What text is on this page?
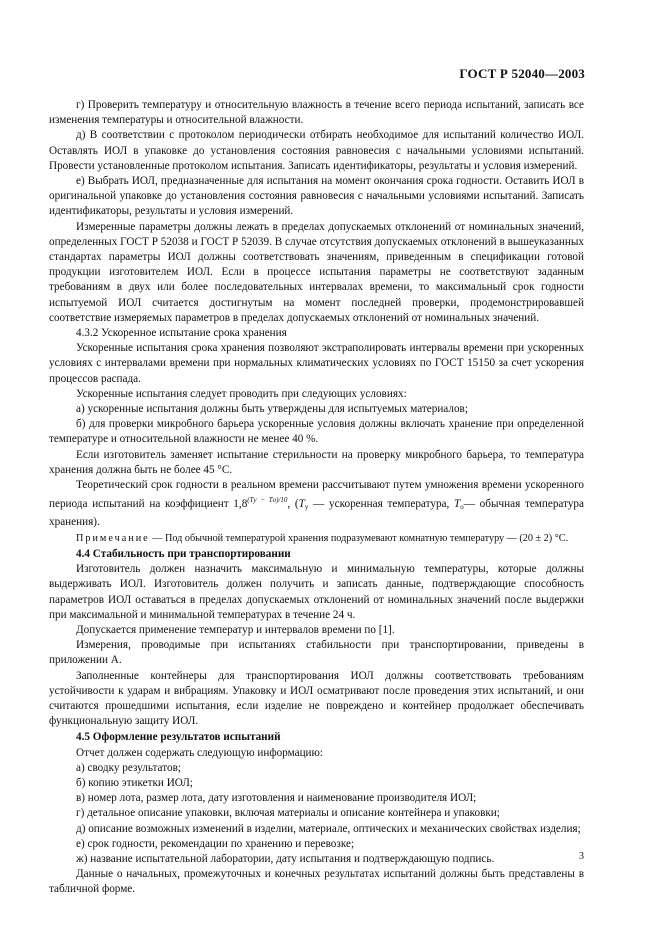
ГОСТ Р 52040—2003

г) Проверить температуру и относительную влажность в течение всего периода испытаний, записать все изменения температуры и относительной влажности.

д) В соответствии с протоколом периодически отбирать необходимое для испытаний количество ИОЛ. Оставлять ИОЛ в упаковке до установления состояния равновесия с начальными условиями испытаний. Провести установленные протоколом испытания. Записать идентификаторы, результаты и условия измерений.

е) Выбрать ИОЛ, предназначенные для испытания на момент окончания срока годности. Оставить ИОЛ в оригинальной упаковке до установления состояния равновесия с начальными условиями испытаний. Записать идентификаторы, результаты и условия измерений.

Измеренные параметры должны лежать в пределах допускаемых отклонений от номинальных значений, определенных ГОСТ Р 52038 и ГОСТ Р 52039. В случае отсутствия допускаемых отклонений в вышеуказанных стандартах параметры ИОЛ должны соответствовать значениям, приведенным в спецификации готовой продукции изготовителем ИОЛ. Если в процессе испытания параметры не соответствуют заданным требованиям в двух или более последовательных интервалах времени, то максимальный срок годности испытуемой ИОЛ считается достигнутым на момент последней проверки, продемонстрировавшей соответствие измеряемых параметров в пределах допускаемых отклонений от номинальных значений.

4.3.2 Ускоренное испытание срока хранения

Ускоренные испытания срока хранения позволяют экстраполировать интервалы времени при ускоренных условиях с интервалами времени при нормальных климатических условиях по ГОСТ 15150 за счет ускорения процессов распада.

Ускоренные испытания следует проводить при следующих условиях:

а) ускоренные испытания должны быть утверждены для испытуемых материалов;

б) для проверки микробного барьера ускоренные условия должны включать хранение при определенной температуре и относительной влажности не менее 40 %.

Если изготовитель заменяет испытание стерильности на проверку микробного барьера, то температура хранения должна быть не более 45 °С.

Теоретический срок годности в реальном времени рассчитывают путем умножения времени ускоренного периода испытаний на коэффициент $1,8^{(Tу - Tо)/10}$, ($T_у$ — ускоренная температура, $T_о—$ обычная температура хранения).

Примечание — Под обычной температурой хранения подразумевают комнатную температуру — (20 ± 2) °С.

4.4 Стабильность при транспортировании

Изготовитель должен назначить максимальную и минимальную температуры, которые должны выдерживать ИОЛ. Изготовитель должен получить и записать данные, подтверждающие способность параметров ИОЛ оставаться в пределах допускаемых отклонений от номинальных значений после выдержки при максимальной и минимальной температурах в течение 24 ч.

Допускается применение температур и интервалов времени по [1].

Измерения, проводимые при испытаниях стабильности при транспортировании, приведены в приложении А.

Заполненные контейнеры для транспортирования ИОЛ должны соответствовать требованиям устойчивости к ударам и вибрациям. Упаковку и ИОЛ осматривают после проведения этих испытаний, и они считаются прошедшими испытания, если изделие не повреждено и контейнер продолжает обеспечивать функциональную защиту ИОЛ.

4.5 Оформление результатов испытаний

Отчет должен содержать следующую информацию:

а) сводку результатов;

б) копию этикетки ИОЛ;

в) номер лота, размер лота, дату изготовления и наименование производителя ИОЛ;

г) детальное описание упаковки, включая материалы и описание контейнера и упаковки;

д) описание возможных изменений в изделии, материале, оптических и механических свойствах изделия;

е) срок годности, рекомендации по хранению и перевозке;

ж) название испытательной лаборатории, дату испытания и подтверждающую подпись.

Данные о начальных, промежуточных и конечных результатах испытаний должны быть представлены в табличной форме.

3
